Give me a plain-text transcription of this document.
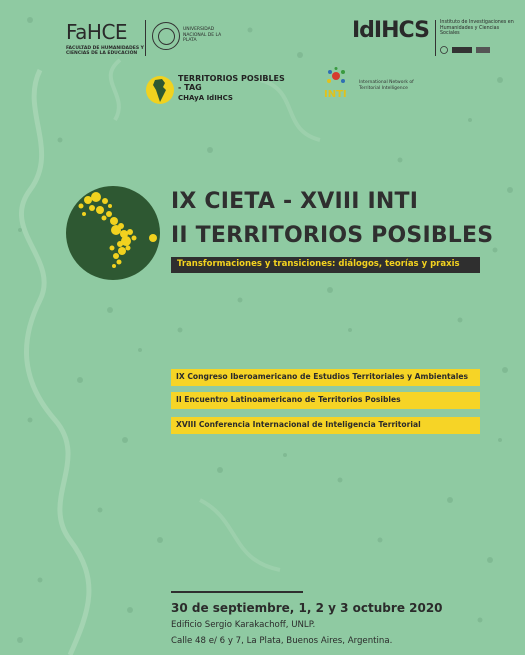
FaHCE
FACULTAD DE HUMANIDADES Y CIENCIAS DE LA EDUCACIÓN
UNIVERSIDAD NACIONAL DE LA PLATA	IdIHCS Instituto de Investigaciones en Humanidades y Ciencias Sociales
TERRITORIOS POSIBLES - TAG
CHAyA IdIHCS	INTI
International Network of Territorial Intelligence
IX CIETA - XVIII INTI
II TERRITORIOS POSIBLES
Transformaciones y transiciones: diálogos, teorías y praxis
IX Congreso Iberoamericano de Estudios Territoriales y Ambientales
II Encuentro Latinoamericano de Territorios Posibles
XVIII Conferencia Internacional de Inteligencia Territorial
30 de septiembre, 1, 2 y 3 octubre 2020
Edificio Sergio Karakachoff, UNLP.
Calle 48 e/ 6 y 7, La Plata, Buenos Aires, Argentina.
